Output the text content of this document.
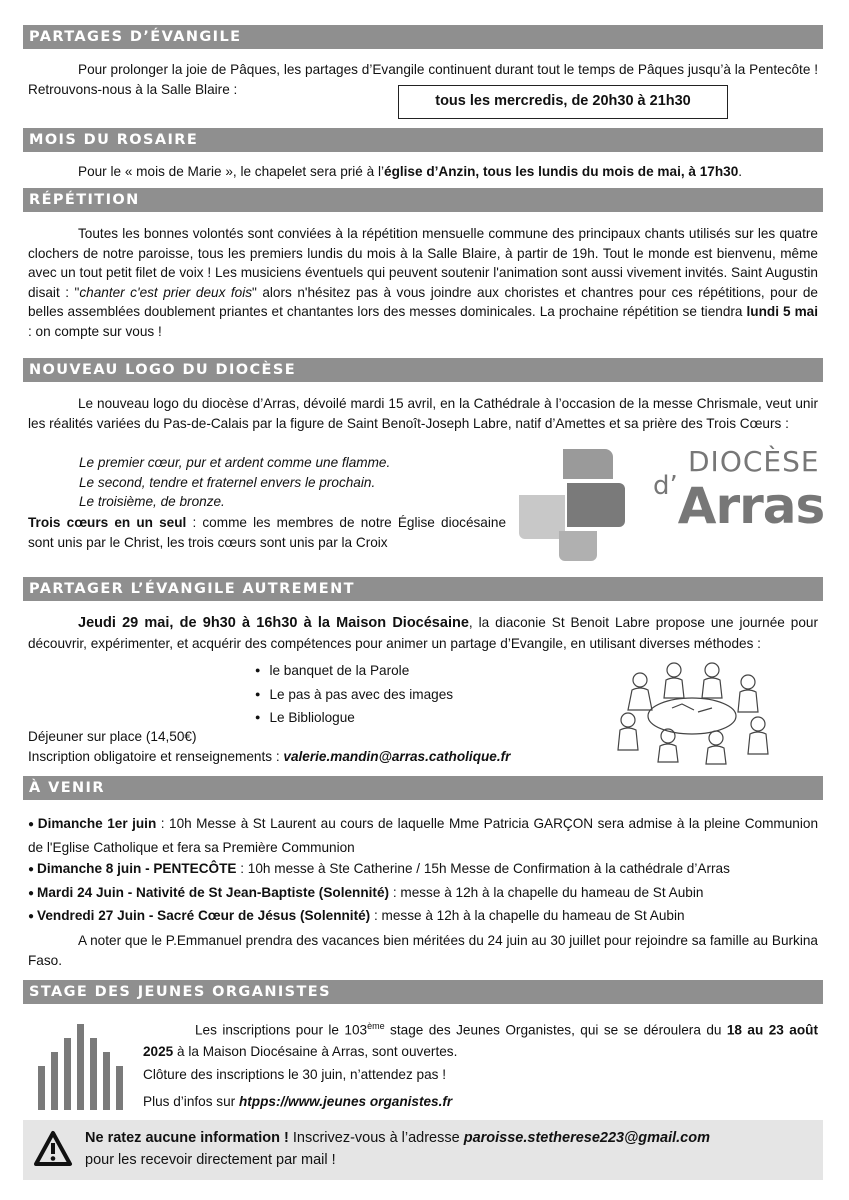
PARTAGES D’ÉVANGILE
Pour prolonger la joie de Pâques, les partages d’Evangile continuent durant tout le temps de Pâques jusqu’à la Pentecôte ! Retrouvons-nous à la Salle Blaire :
tous les mercredis, de 20h30 à 21h30
MOIS DU ROSAIRE
Pour le « mois de Marie », le chapelet sera prié à l’église d’Anzin, tous les lundis du mois de mai, à 17h30.
RÉPÉTITION
Toutes les bonnes volontés sont conviées à la répétition mensuelle commune des principaux chants utilisés sur les quatre clochers de notre paroisse, tous les premiers lundis du mois à la Salle Blaire, à partir de 19h. Tout le monde est bienvenu, même avec un tout petit filet de voix ! Les musiciens éventuels qui peuvent soutenir l'animation sont aussi vivement invités. Saint Augustin disait : "chanter c'est prier deux fois" alors n'hésitez pas à vous joindre aux choristes et chantres pour ces répétitions, pour de belles assemblées doublement priantes et chantantes lors des messes dominicales. La prochaine répétition se tiendra lundi 5 mai : on compte sur vous !
NOUVEAU LOGO DU DIOCÈSE
Le nouveau logo du diocèse d’Arras, dévoilé mardi 15 avril, en la Cathédrale à l’occasion de la messe Chrismale, veut unir les réalités variées du Pas-de-Calais par la figure de Saint Benoît-Joseph Labre, natif d’Amettes et sa prière des Trois Cœurs :
Le premier cœur, pur et ardent comme une flamme.
Le second, tendre et fraternel envers le prochain.
Le troisième, de bronze.
Trois cœurs en un seul : comme les membres de notre Église diocésaine sont unis par le Christ, les trois cœurs sont unis par la Croix
DIOCÈSE
d’Arras
PARTAGER L’ÉVANGILE AUTREMENT
Jeudi 29 mai, de 9h30 à 16h30 à la Maison Diocésaine, la diaconie St Benoit Labre propose une journée pour découvrir, expérimenter, et acquérir des compétences pour animer un partage d’Evangile, en utilisant diverses méthodes :
● le banquet de la Parole
● Le pas à pas avec des images
● Le Bibliologue
Déjeuner sur place (14,50€)
Inscription obligatoire et renseignements : valerie.mandin@arras.catholique.fr
À VENIR
● Dimanche 1er juin : 10h Messe à St Laurent au cours de laquelle Mme Patricia GARÇON sera admise à la pleine Communion de l'Eglise Catholique et fera sa Première Communion
● Dimanche 8 juin - PENTECÔTE : 10h messe à Ste Catherine / 15h Messe de Confirmation à la cathédrale d’Arras
● Mardi 24 Juin - Nativité de St Jean-Baptiste (Solennité) : messe à 12h à la chapelle du hameau de St Aubin
● Vendredi 27 Juin - Sacré Cœur de Jésus (Solennité) : messe à 12h à la chapelle du hameau de St Aubin
A noter que le P.Emmanuel prendra des vacances bien méritées du 24 juin au 30 juillet pour rejoindre sa famille au Burkina Faso.
STAGE DES JEUNES ORGANISTES
Les inscriptions pour le 103ème stage des Jeunes Organistes, qui se se déroulera du 18 au 23 août 2025 à la Maison Diocésaine à Arras, sont ouvertes.
Clôture des inscriptions le 30 juin, n’attendez pas !
Plus d’infos sur htpps://www.jeunes organistes.fr
Ne ratez aucune information ! Inscrivez-vous à l’adresse paroisse.stetherese223@gmail.com
pour les recevoir directement par mail !
